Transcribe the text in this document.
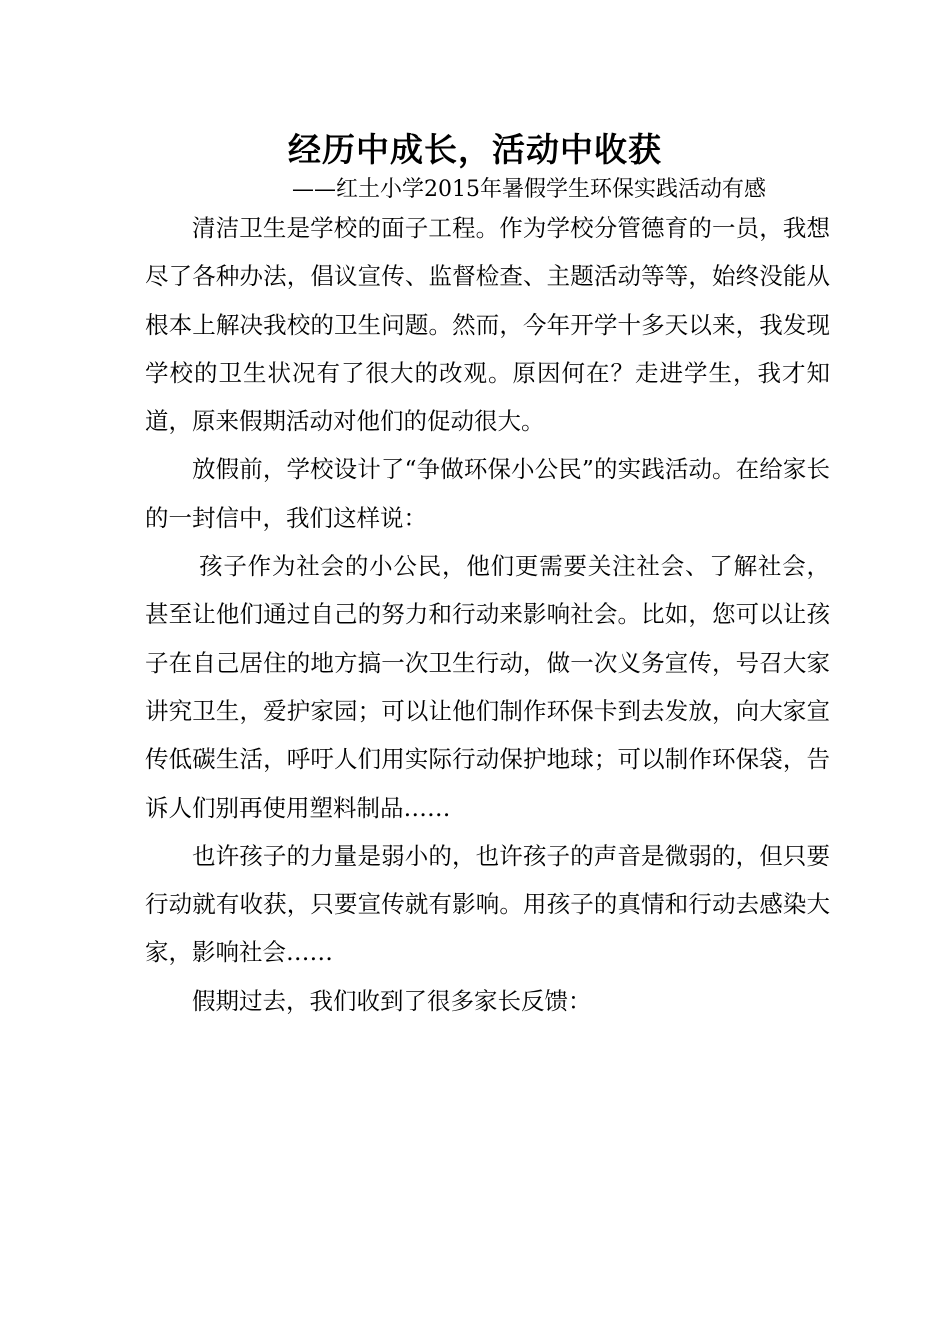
经历中成长，活动中收获

——红土小学2015年暑假学生环保实践活动有感

清洁卫生是学校的面子工程。作为学校分管德育的一员，我想尽了各种办法，倡议宣传、监督检查、主题活动等等，始终没能从根本上解决我校的卫生问题。然而，今年开学十多天以来，我发现学校的卫生状况有了很大的改观。原因何在？走进学生，我才知道，原来假期活动对他们的促动很大。

放假前，学校设计了“争做环保小公民”的实践活动。在给家长的一封信中，我们这样说：

孩子作为社会的小公民，他们更需要关注社会、了解社会，甚至让他们通过自己的努力和行动来影响社会。比如，您可以让孩子在自己居住的地方搞一次卫生行动，做一次义务宣传，号召大家讲究卫生，爱护家园；可以让他们制作环保卡到去发放，向大家宣传低碳生活，呼吁人们用实际行动保护地球；可以制作环保袋，告诉人们别再使用塑料制品……

也许孩子的力量是弱小的，也许孩子的声音是微弱的，但只要行动就有收获，只要宣传就有影响。用孩子的真情和行动去感染大家，影响社会……

假期过去，我们收到了很多家长反馈：
